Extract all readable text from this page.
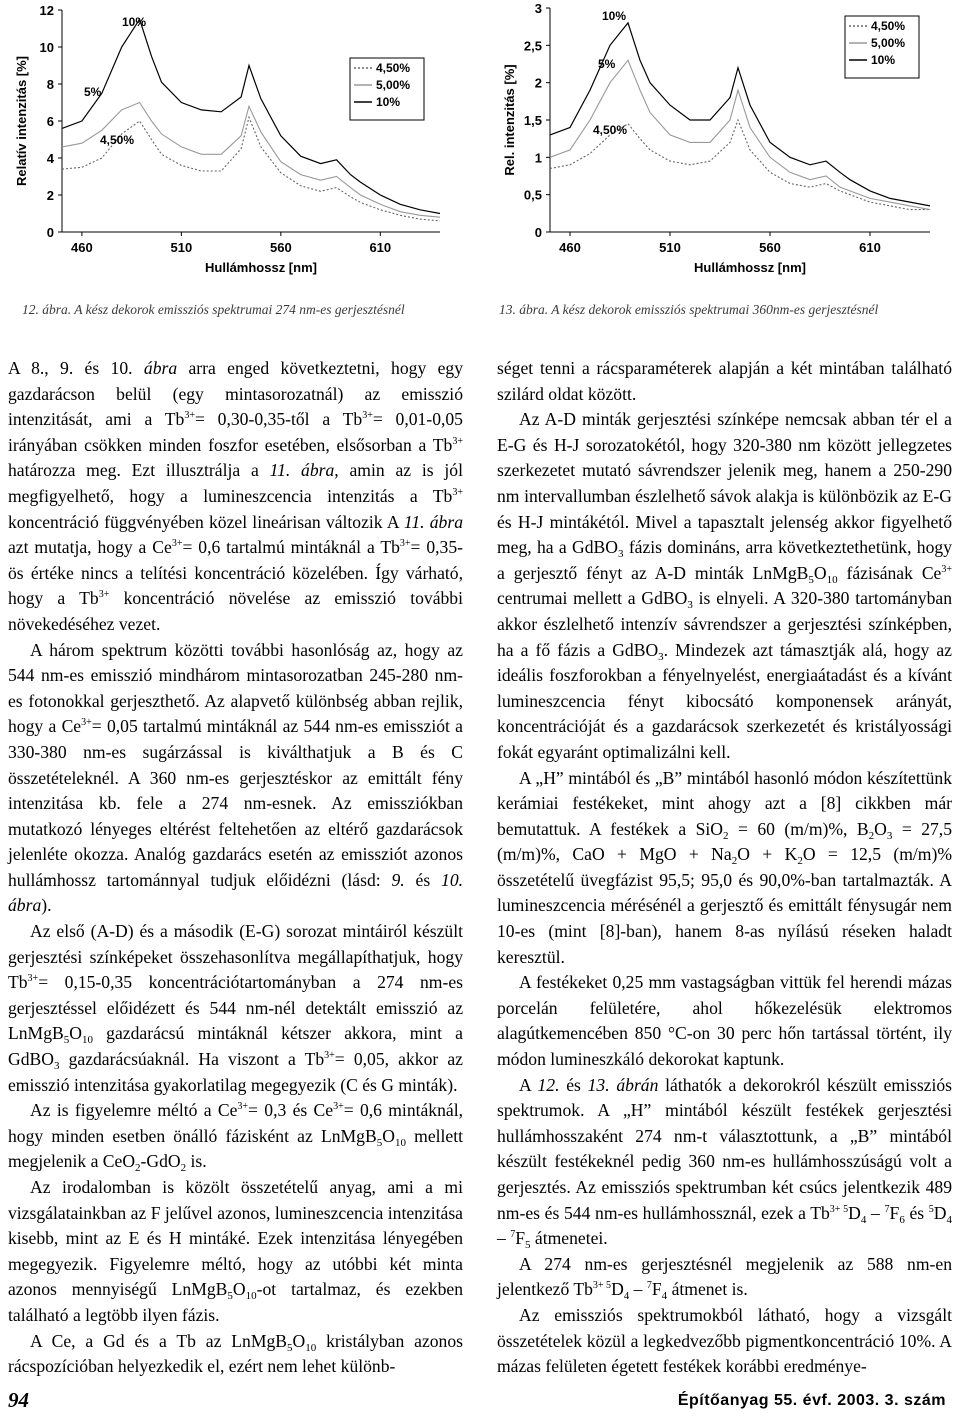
0
2
4
6
8
10
12
460	510	560	610
Hullámhossz [nm]
Relatív intenzitás [%]	4,50%
5,00%
10%
10%
5%
4,50%
0
0,5
1
1,5
2
2,5
3
460	510	560	610
Hullámhossz [nm]
Rel. intenzitás [%]
4,50%
5,00%
10%
10%
5%
4,50%
12. ábra. A kész dekorok emissziós spektrumai 274 nm-es gerjesztésnél	13. ábra. A kész dekorok emissziós spektrumai 360nm-es gerjesztésnél

A 8., 9. és 10. ábra arra enged következtetni, hogy egy gazdarácson belül (egy mintasorozatnál) az emisszió intenzitását, ami a $Tb^{3+}=$ 0,30-0,35-től a $Tb^{3+}= 0,01-0,05$ irányában csökken minden foszfor esetében, elsősorban a $Tb^{3+}$ határozza meg. Ezt illusztrálja a 11. ábra, amin az is jól megfigyelhető, hogy a lumineszcencia intenzitás a $Tb^{3+}$ koncentráció függvényében közel lineárisan változik A 11. ábra azt mutatja, hogy a $Ce^{3+}= 0,6$ tartalmú mintáknál a $Tb^{3+}=$ 0,35-ös értéke nincs a telítési koncentráció közelében. Így várható, hogy a $Tb^{3+}$ koncentráció növelése az emisszió további növekedéséhez vezet.

A három spektrum közötti további hasonlóság az, hogy az 544 nm-es emisszió mindhárom mintasorozatban 245-280 nm-es fotonokkal gerjeszthető. Az alapvető különbség abban rejlik, hogy a $Ce^{3+}= 0,05$ tartalmú mintáknál az 544 nm-es emissziót a 330-380 nm-es sugárzással is kiválthatjuk a B és C összetételeknél. A 360 nm-es gerjesztéskor az emittált fény intenzitása kb. fele a 274 nm-esnek. Az emissziókban mutatkozó lényeges eltérést feltehetően az eltérő gazdarácsok jelenléte okozza. Analóg gazdarács esetén az emissziót azonos hullámhossz tartománnyal tudjuk előidézni (lásd: 9. és 10. ábra).

Az első (A-D) és a második (E-G) sorozat mintáiról készült gerjesztési színképeket összehasonlítva megállapíthatjuk, hogy $Tb^{3+}= 0,15-0,35$ koncentrációtartományban a 274 nm-es gerjesztéssel előidézett és 544 nm-nél detektált emisszió az $LnMgB_5O_{10}$ gazdarácsú mintáknál kétszer akkora, mint a GdBO$_3$ gazdarácsúaknál. Ha viszont a $Tb^{3+}= 0,05$, akkor az emisszió intenzitása gyakorlatilag megegyezik (C és G minták).

Az is figyelemre méltó a $Ce^{3+}= 0,3$ és $Ce^{3+}= 0,6$ mintáknál, hogy minden esetben önálló fázisként az $LnMgB_5O_{10}$ mellett megjelenik a CeO$_2$-GdO$_2$ is.

Az irodalomban is közölt összetételű anyag, ami a mi vizsgálatainkban az F jelűvel azonos, lumineszcencia intenzitása kisebb, mint az E és H mintáké. Ezek intenzitása lényegében megegyezik. Figyelemre méltó, hogy az utóbbi két minta azonos mennyiségű $LnMgB_5O_{10}-ot$ tartalmaz, és ezekben található a legtöbb ilyen fázis.

A Ce, a Gd és a Tb az $LnMgB_5O_{10}$ kristályban azonos rácspozícióban helyezkedik el, ezért nem lehet különb-

séget tenni a rácsparaméterek alapján a két mintában található szilárd oldat között.

Az A-D minták gerjesztési színképe nemcsak abban tér el a E-G és H-J sorozatokétól, hogy 320-380 nm között jellegzetes szerkezetet mutató sávrendszer jelenik meg, hanem a 250-290 nm intervallumban észlelhető sávok alakja is különbözik az E-G és H-J mintákétól. Mivel a tapasztalt jelenség akkor figyelhető meg, ha a GdBO$_3$ fázis domináns, arra következtethetünk, hogy a gerjesztő fényt az A-D minták $LnMgB_5O_{10}$ fázisának $Ce^{3+}$ centrumai mellett a GdBO$_3$ is elnyeli. A 320-380 tartományban akkor észlelhető intenzív sávrendszer a gerjesztési színképben, ha a fő fázis a GdBO$_3$. Mindezek azt támasztják alá, hogy az ideális foszforokban a fényelnyelést, energiaátadást és a kívánt lumineszcencia fényt kibocsátó komponensek arányát, koncentrációját és a gazdarácsok szerkezetét és kristályossági fokát egyaránt optimalizálni kell.

A „H” mintából és „B” mintából hasonló módon készítettünk kerámiai festékeket, mint ahogy azt a [8] cikkben már bemutattuk. A festékek a SiO$_2$ = 60 (m/m)%, $B_2O_3 = 27,5$ (m/m)%, CaO + MgO + $Na_2O + K_2O = 12,5$ (m/m)% összetételű üvegfázist 95,5; 95,0 és 90,0%-ban tartalmazták. A lumineszcencia mérésénél a gerjesztő és emittált fénysugár nem 10-es (mint [8]-ban), hanem 8-as nyílású réseken haladt keresztül.

A festékeket 0,25 mm vastagságban vittük fel herendi mázas porcelán felületére, ahol hőkezelésük elektromos alagútkemencében 850 °C-on 30 perc hőn tartással történt, ily módon lumineszkáló dekorokat kaptunk.

A 12. és 13. ábrán láthatók a dekorokról készült emissziós spektrumok. A „H” mintából készült festékek gerjesztési hullámhosszaként 274 nm-t választottunk, a „B” mintából készült festékeknél pedig 360 nm-es hullámhosszúságú volt a gerjesztés. Az emissziós spektrumban két csúcs jelentkezik 489 nm-es és 544 nm-es hullámhossznál, ezek a $Tb^{3+ 5}D_4 - ^7F_6$ és $^5D_4 - ^7F_5$ átmenetei.

A 274 nm-es gerjesztésnél megjelenik az 588 nm-en jelentkező $Tb^{3+ 5}D_4 - ^7F_4$ átmenet is.

Az emissziós spektrumokból látható, hogy a vizsgált összetételek közül a legkedvezőbb pigmentkoncentráció 10%. A mázas felületen égetett festékek korábbi eredménye-

94	Építőanyag 55. évf. 2003. 3. szám
